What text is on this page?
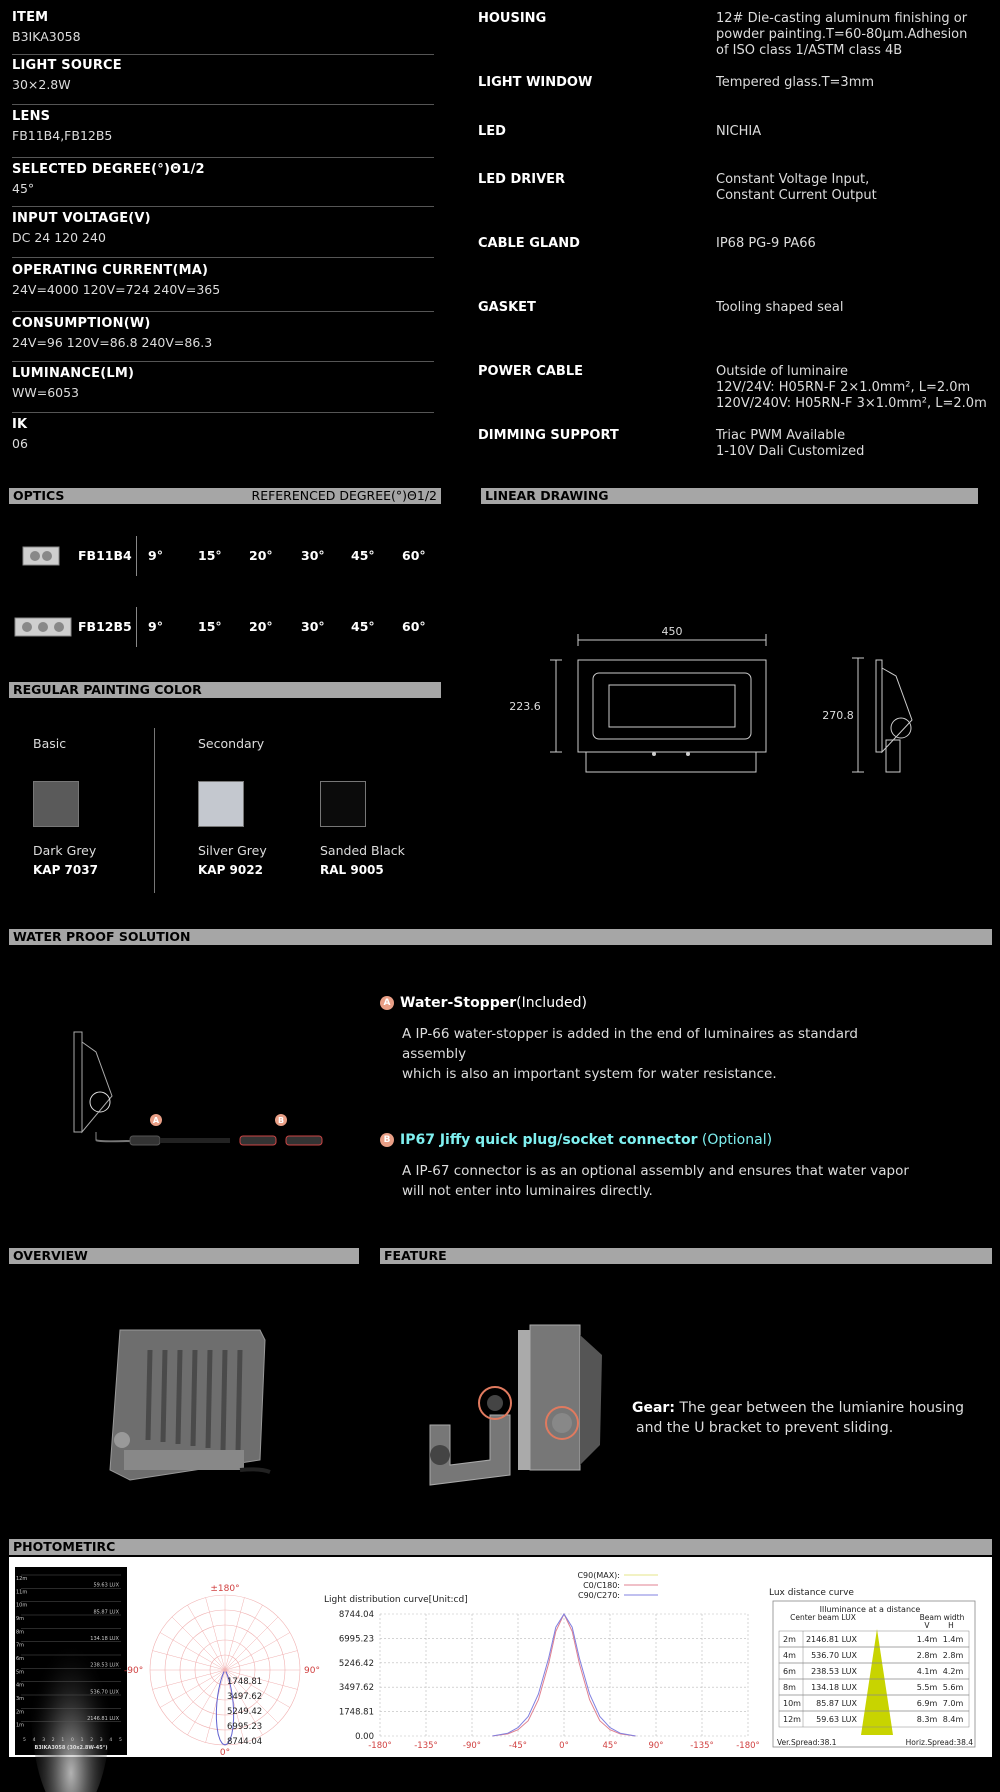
ITEM
B3IKA3058
LIGHT SOURCE
30×2.8W
LENS
FB11B4,FB12B5
SELECTED DEGREE(°)Θ1/2
45°
INPUT VOLTAGE(V)
DC 24 120 240
OPERATING CURRENT(MA)
24V=4000 120V=724 240V=365
CONSUMPTION(W)
24V=96 120V=86.8 240V=86.3
LUMINANCE(LM)
WW=6053
IK
06
HOUSING	12# Die-casting aluminum finishing or
powder painting.T=60-80μm.Adhesion
of ISO class 1/ASTM class 4B
LIGHT WINDOW	Tempered glass.T=3mm
LED	NICHIA
LED DRIVER	Constant Voltage Input,
Constant Current Output
CABLE GLAND	IP68 PG-9 PA66
GASKET	Tooling shaped seal
POWER CABLE	Outside of luminaire
12V/24V: H05RN-F 2×1.0mm², L=2.0m
120V/240V: H05RN-F 3×1.0mm², L=2.0m
DIMMING SUPPORT	Triac PWM Available
1-10V Dali Customized
OPTICS	REFERENCED DEGREE(°)Θ1/2
FB11B4 9°	15° 20° 30° 45° 60°
FB12B5 9°	15° 20° 30° 45° 60°
LINEAR DRAWING
450
223.6
270.8
REGULAR PAINTING COLOR
Basic	Secondary
Dark Grey	Silver Grey	Sanded Black
KAP 7037	KAP 9022	RAL 9005
WATER PROOF SOLUTION
A	B
A Water-Stopper(Included)
A IP-66 water-stopper is added in the end of luminaires as standard assembly
which is also an important system for water resistance.
B IP67 Jiffy quick plug/socket connector (Optional)
A IP-67 connector is as an optional assembly and ensures that water vapor
will not enter into luminaires directly.
OVERVIEW	FEATURE
Gear: The gear between the lumianire housing
and the U bracket to prevent sliding.
PHOTOMETIRC
12m
11m
10m
9m
8m
7m
6m
5m
4m
3m
2m
1m
59.63 LUX
85.87 LUX
134.18 LUX
238.53 LUX
536.70 LUX
2146.81 LUX
5 4 3 2 1 0 1 2 3 4 5
B3IKA3058 (30x2.8W-45°)
±180°
90°
-90°
0°
1748.81
3497.62
5249.42
6995.23
8744.04
Light distribution curve[Unit:cd]
C90(MAX):
C0/C180:
C90/C270:
8744.04
6995.23
5246.42
3497.62
1748.81
0.00
-180°	-135°	-90°	-45°	0°	45°	90°	-135°	-180°
Lux distance curve
Illuminance at a distance
Center beam LUX	Beam width
V H
2m 2146.81 LUX	1.4m 1.4m
4m 536.70 LUX	2.8m 2.8m
6m 238.53 LUX	4.1m 4.2m
8m 134.18 LUX	5.5m 5.6m
10m 85.87 LUX	6.9m 7.0m
12m 59.63 LUX	8.3m 8.4m
Ver.Spread:38.1	Horiz.Spread:38.4
